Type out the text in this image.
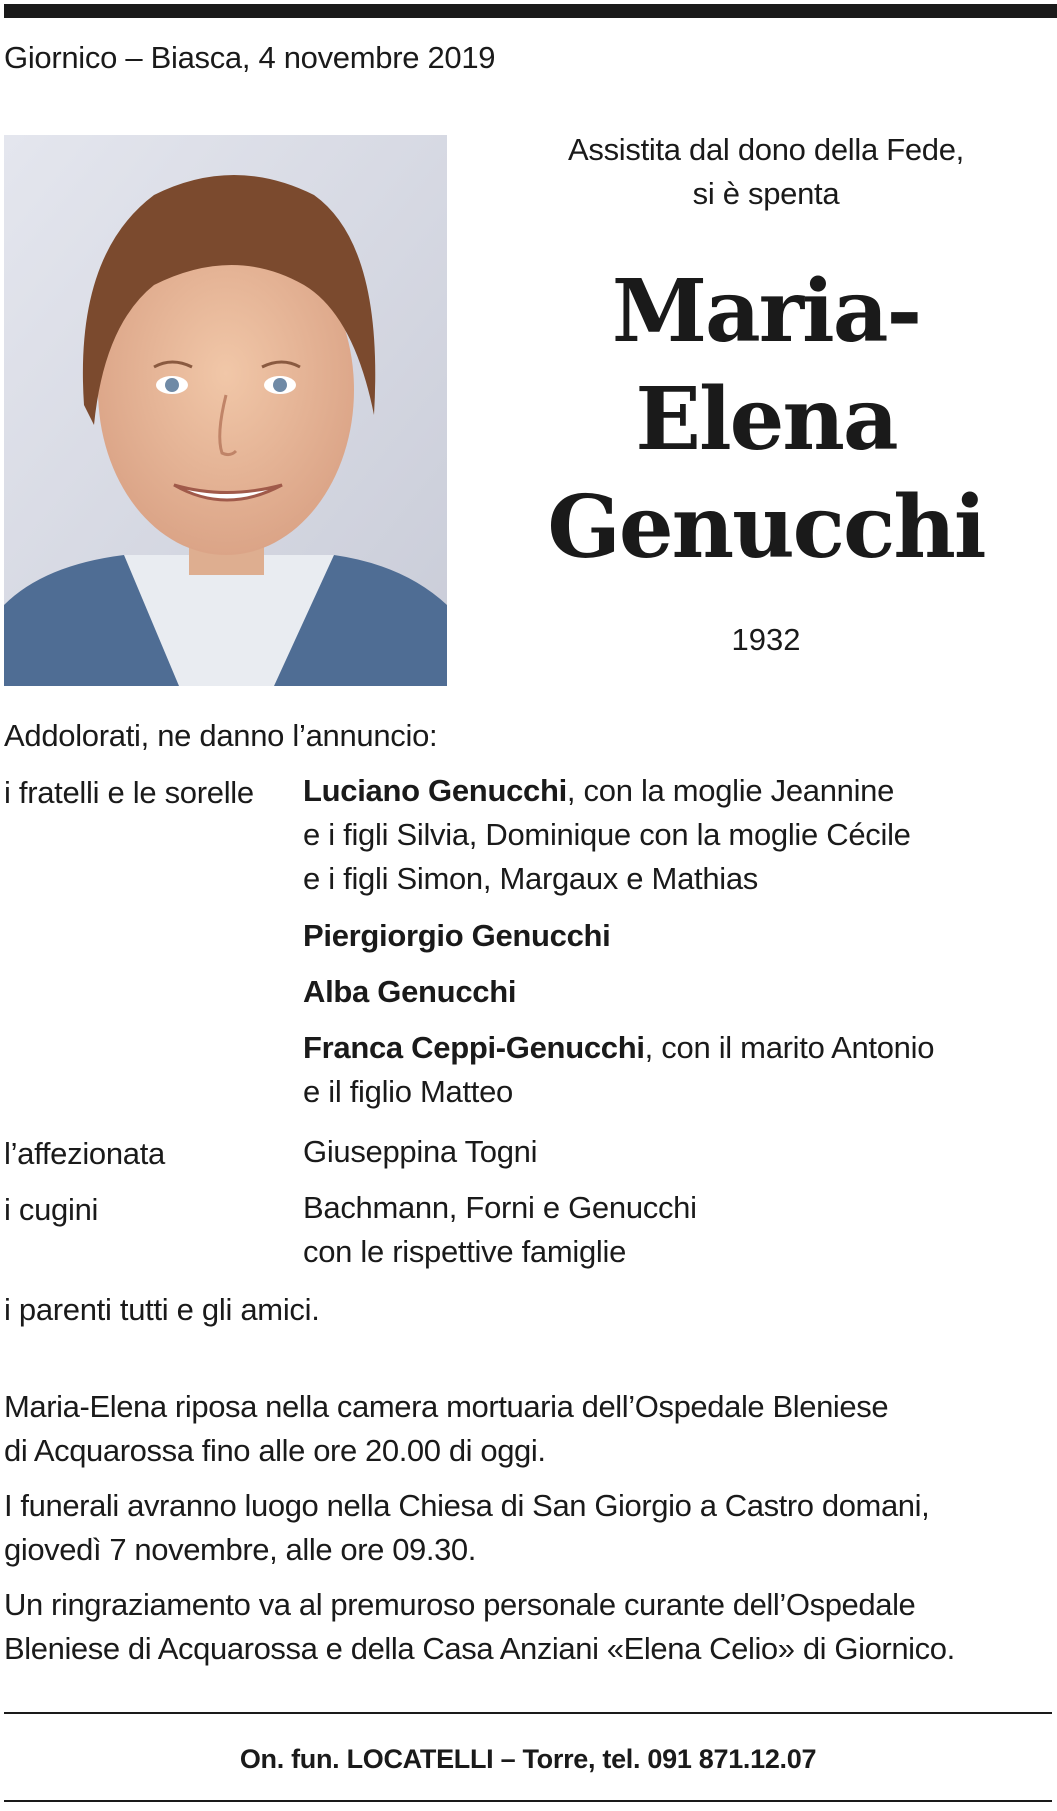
Giornico – Biasca, 4 novembre 2019
Assistita dal dono della Fede,
si è spenta
Maria-
Elena
Genucchi
1932
Addolorati, ne danno l’annuncio:
i fratelli e le sorelle Luciano Genucchi, con la moglie Jeannine
e i figli Silvia, Dominique con la moglie Cécile
e i figli Simon, Margaux e Mathias
Piergiorgio Genucchi
Alba Genucchi
Franca Ceppi-Genucchi, con il marito Antonio
e il figlio Matteo
l’affezionata	Giuseppina Togni
i cugini	Bachmann, Forni e Genucchi
con le rispettive famiglie
i parenti tutti e gli amici.
Maria-Elena riposa nella camera mortuaria dell’Ospedale Bleniese
di Acquarossa fino alle ore 20.00 di oggi.
I funerali avranno luogo nella Chiesa di San Giorgio a Castro domani,
giovedì 7 novembre, alle ore 09.30.
Un ringraziamento va al premuroso personale curante dell’Ospedale
Bleniese di Acquarossa e della Casa Anziani «Elena Celio» di Giornico.
On. fun. LOCATELLI – Torre, tel. 091 871.12.07
